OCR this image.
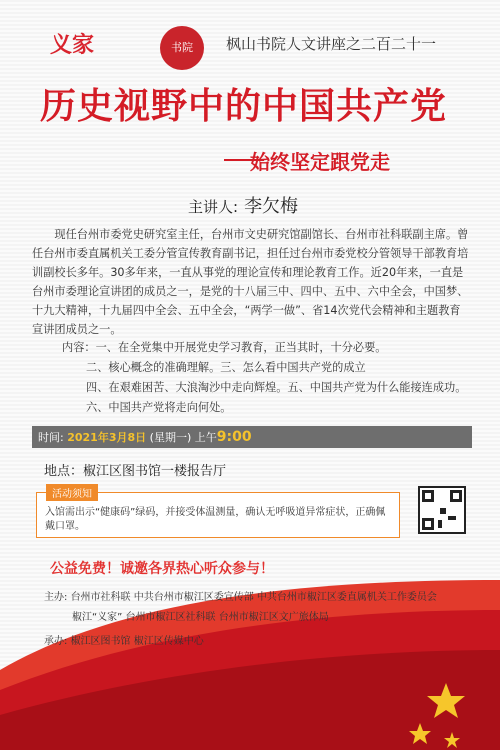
义家	书院	枫山书院人文讲座之二百二十一
历史视野中的中国共产党
始终坚定跟党走
主讲人: 李欠梅
现任台州市委党史研究室主任，台州市文史研究馆副馆长、台州市社科联副主席。曾任台州市委直属机关工委分管宣传教育副书记，担任过台州市委党校分管领导干部教育培训副校长多年。30多年来，一直从事党的理论宣传和理论教育工作。近20年来，一直是台州市委理论宣讲团的成员之一，是党的十八届三中、四中、五中、六中全会，中国梦、十九大精神，十九届四中全会、五中全会，“两学一做”、省14次党代会精神和主题教育宣讲团成员之一。
内容：一、在全党集中开展党史学习教育，正当其时，十分必要。
二、核心概念的准确理解。三、怎么看中国共产党的成立
四、在艰难困苦、大浪淘沙中走向辉煌。五、中国共产党为什么能接连成功。
六、中国共产党将走向何处。
时间: 2021年3月8日 (星期一) 上午9:00
地点：椒江区图书馆一楼报告厅
入馆需出示“健康码”绿码，并接受体温测量，确认无呼吸道异常症状，正确佩戴口罩。
活动须知
公益免费！诚邀各界热心听众参与！
主办: 台州市社科联 中共台州市椒江区委宣传部 中共台州市椒江区委直属机关工作委员会
椒江“义家” 台州市椒江区社科联 台州市椒江区文广旅体局
承办: 椒江区图书馆 椒江区传媒中心
